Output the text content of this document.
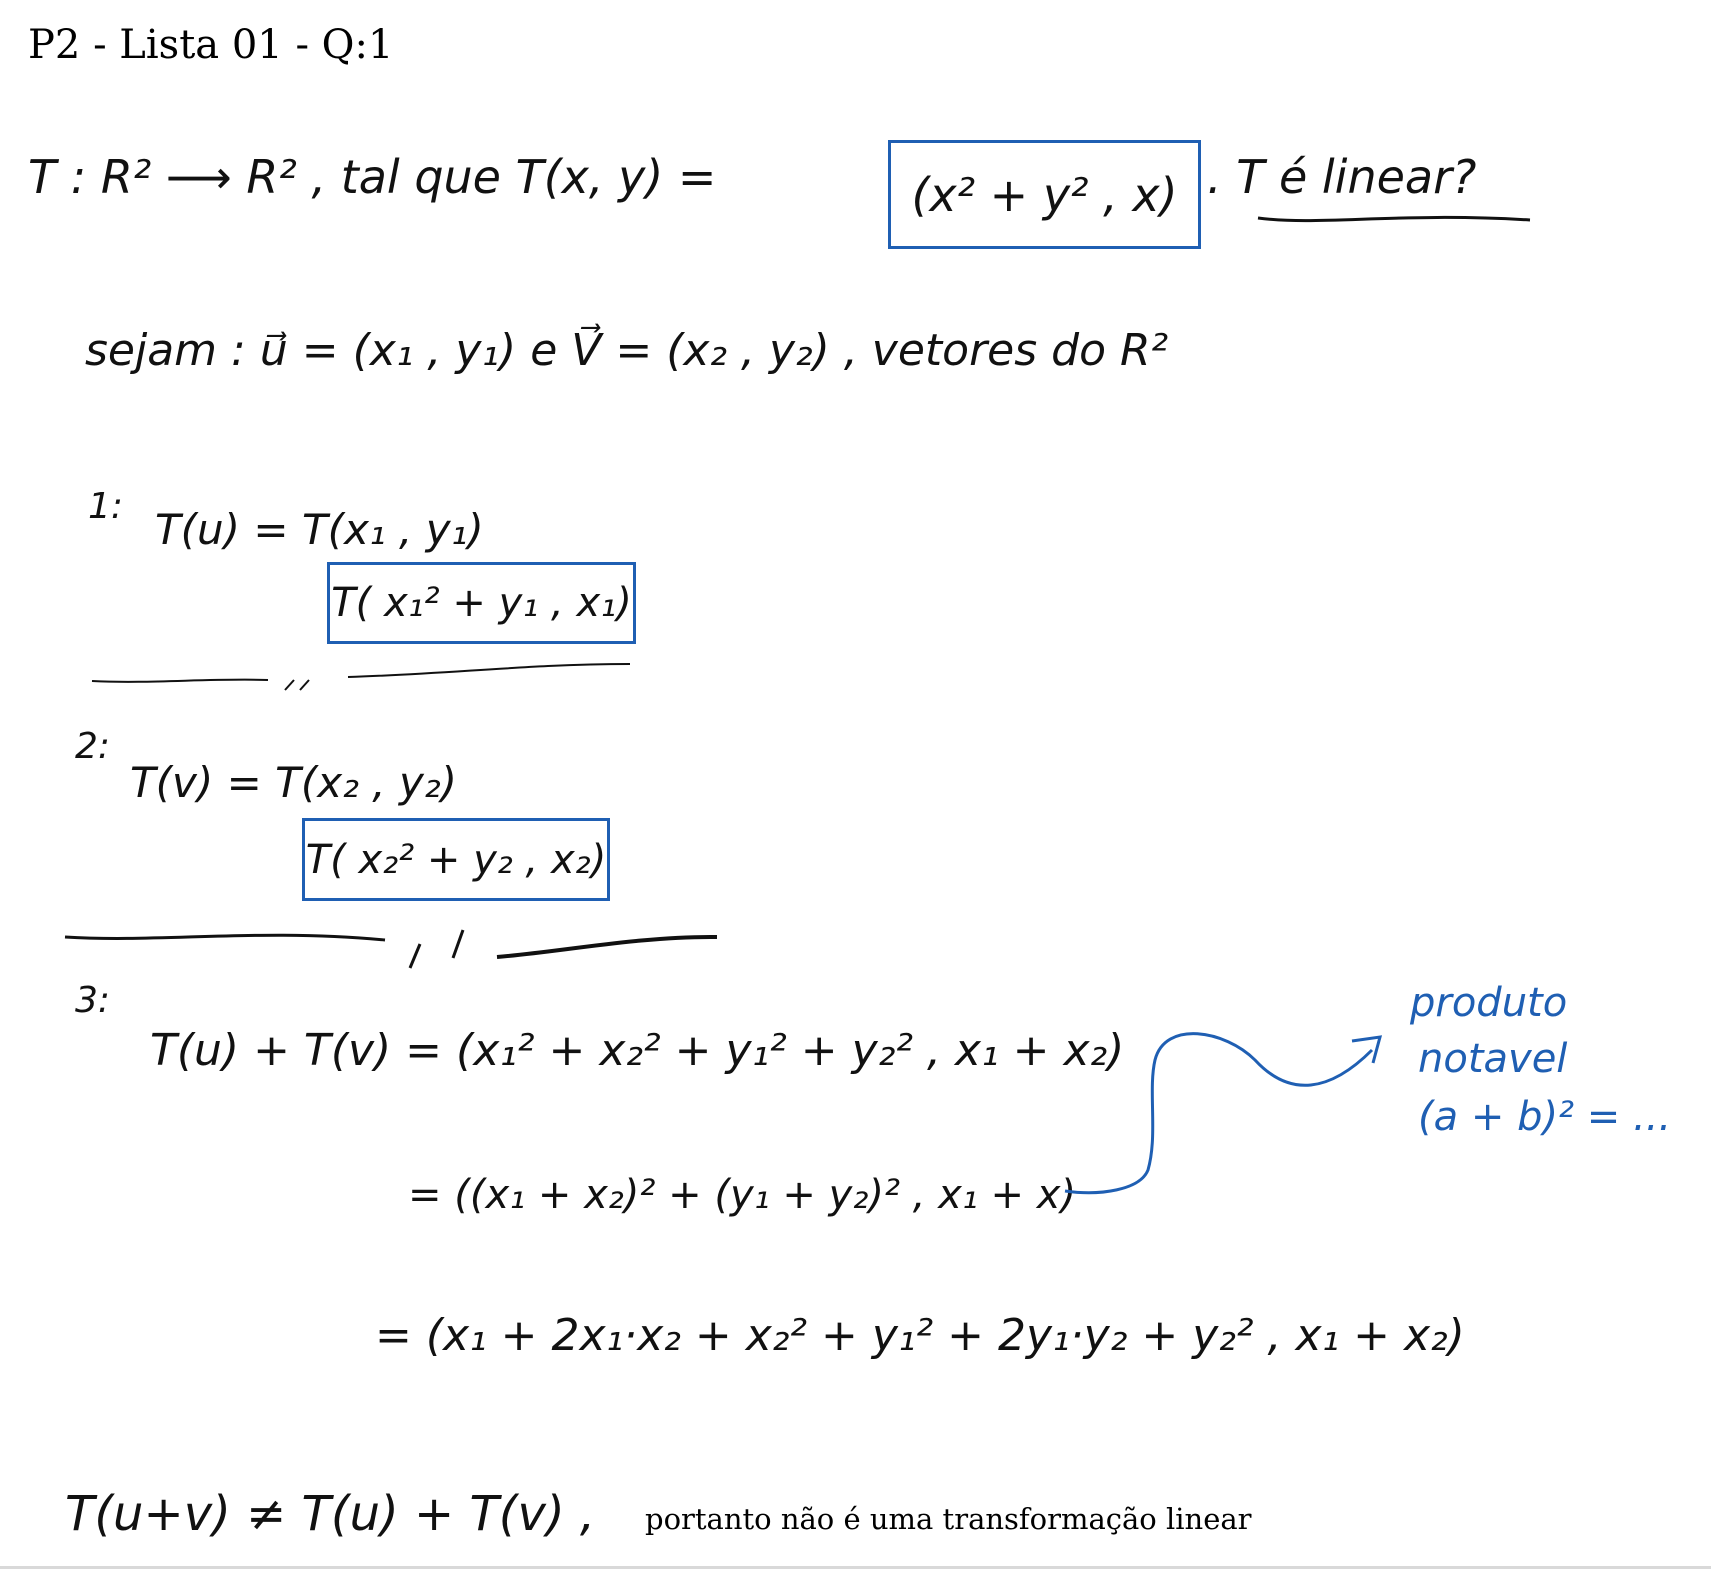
P2 - Lista 01 - Q:1
T : R² ⟶ R² , tal que T(x, y) =	(x² + y² , x) . T é linear?
sejam : u⃗ = (x₁ , y₁) e V⃗ = (x₂ , y₂) , vetores do R²
1: T(u) = T(x₁ , y₁)
T( x₁² + y₁ , x₁)
2:
T(v) = T(x₂ , y₂)
T( x₂² + y₂ , x₂)
3:
T(u) + T(v) = (x₁² + x₂² + y₁² + y₂² , x₁ + x₂)
= ((x₁ + x₂)² + (y₁ + y₂)² , x₁ + x)
= (x₁ + 2x₁·x₂ + x₂² + y₁² + 2y₁·y₂ + y₂² , x₁ + x₂)
produto
notavel
(a + b)² = ...
T(u+v) ≠ T(u) + T(v) , portanto não é uma transformação linear
